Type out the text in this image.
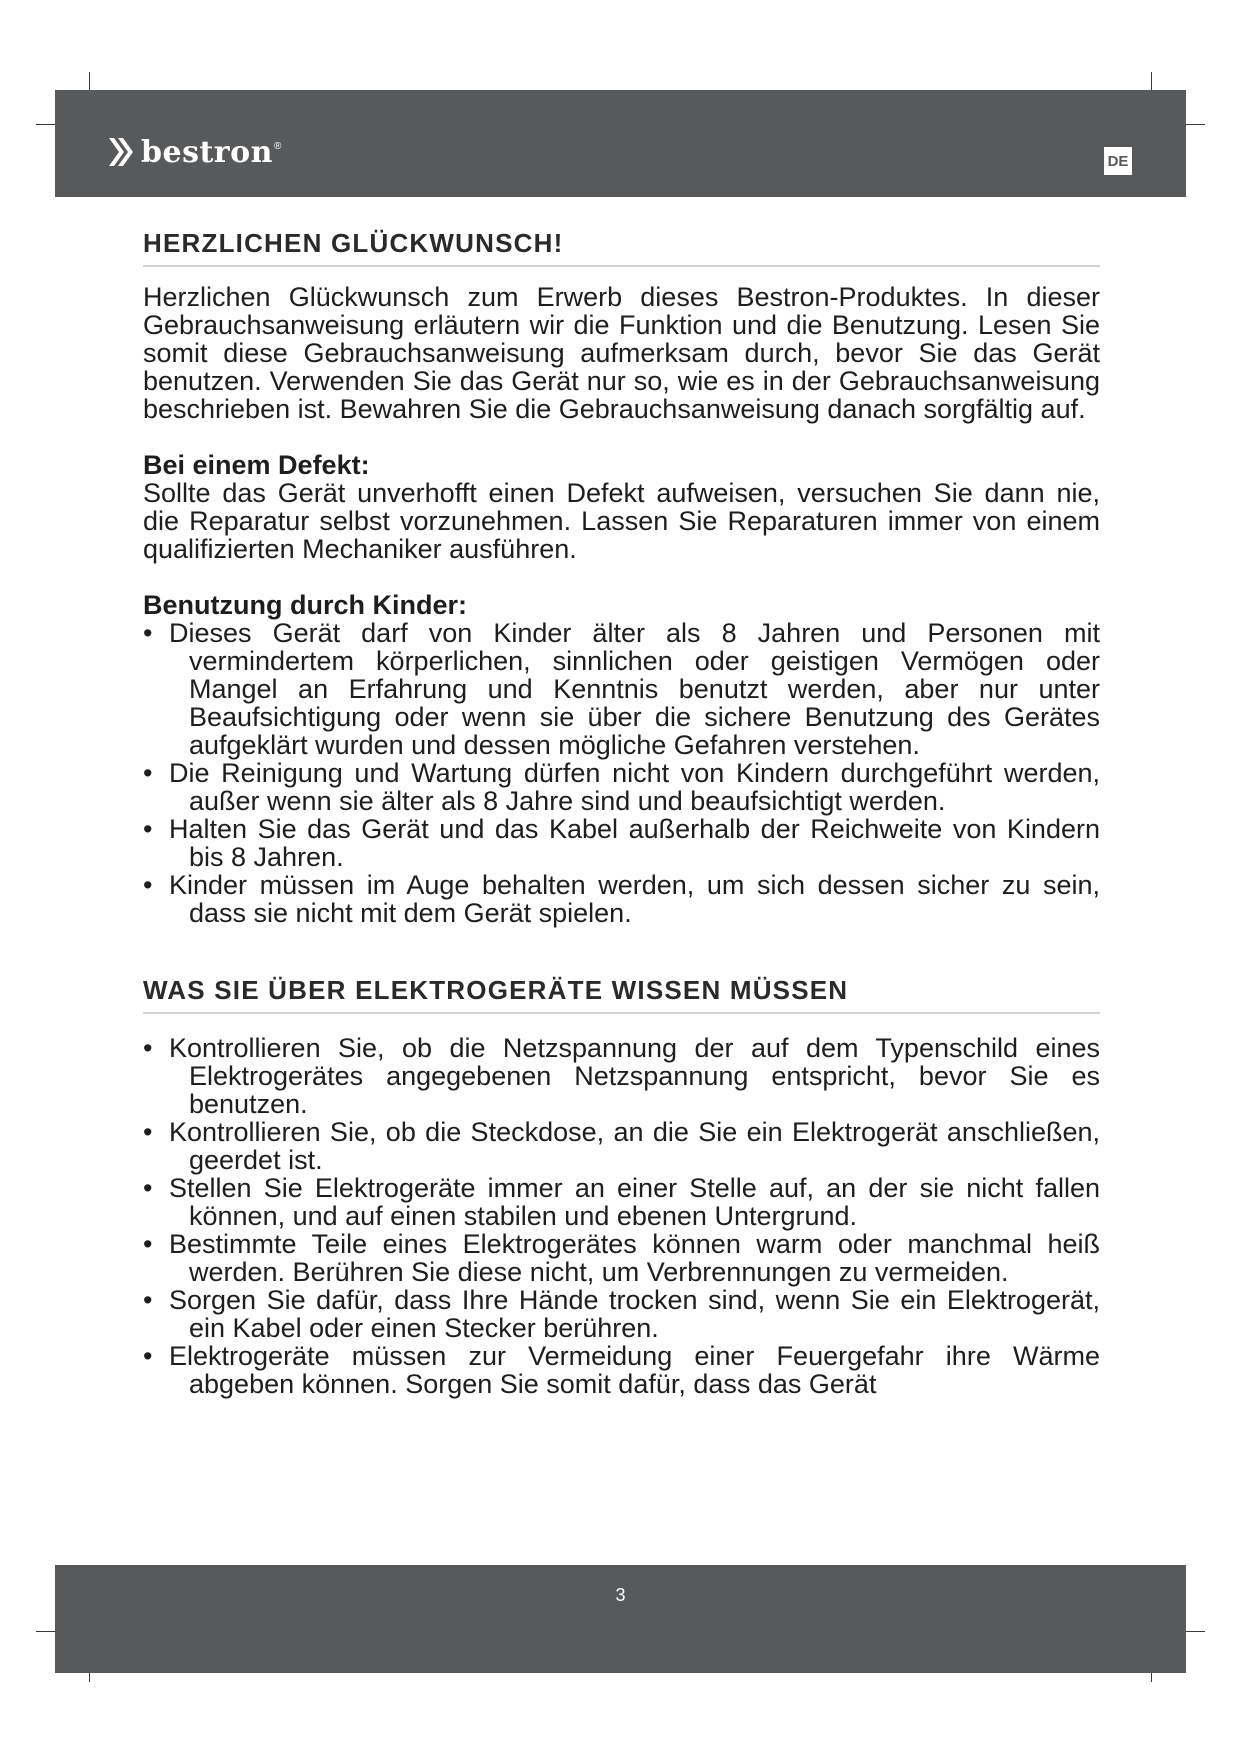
bestron ®
DE
HERZLICHEN GLÜCKWUNSCH!

Herzlichen Glückwunsch zum Erwerb dieses Bestron-Produktes. In dieser Gebrauchsanweisung erläutern wir die Funktion und die Benutzung. Lesen Sie somit diese Gebrauchsanweisung aufmerksam durch, bevor Sie das Gerät benutzen. Verwenden Sie das Gerät nur so, wie es in der Gebrauchsanweisung beschrieben ist. Bewahren Sie die Gebrauchsanweisung danach sorgfältig auf.

Bei einem Defekt:

Sollte das Gerät unverhofft einen Defekt aufweisen, versuchen Sie dann nie, die Reparatur selbst vorzunehmen. Lassen Sie Reparaturen immer von einem qualifizierten Mechaniker ausführen.

Benutzung durch Kinder:
• Dieses Gerät darf von Kinder älter als 8 Jahren und Personen mit vermindertem körperlichen, sinnlichen oder geistigen Vermögen oder Mangel an Erfahrung und Kenntnis benutzt werden, aber nur unter Beaufsichtigung oder wenn sie über die sichere Benutzung des Gerätes aufgeklärt wurden und dessen mögliche Gefahren verstehen.
• Die Reinigung und Wartung dürfen nicht von Kindern durchgeführt werden, außer wenn sie älter als 8 Jahre sind und beaufsichtigt werden.
• Halten Sie das Gerät und das Kabel außerhalb der Reichweite von Kindern bis 8 Jahren.
• Kinder müssen im Auge behalten werden, um sich dessen sicher zu sein, dass sie nicht mit dem Gerät spielen.
WAS SIE ÜBER ELEKTROGERÄTE WISSEN MÜSSEN
• Kontrollieren Sie, ob die Netzspannung der auf dem Typenschild eines Elektrogerätes angegebenen Netzspannung entspricht, bevor Sie es benutzen.
• Kontrollieren Sie, ob die Steckdose, an die Sie ein Elektrogerät anschließen, geerdet ist.
• Stellen Sie Elektrogeräte immer an einer Stelle auf, an der sie nicht fallen können, und auf einen stabilen und ebenen Untergrund.
• Bestimmte Teile eines Elektrogerätes können warm oder manchmal heiß werden. Berühren Sie diese nicht, um Verbrennungen zu vermeiden.
• Sorgen Sie dafür, dass Ihre Hände trocken sind, wenn Sie ein Elektrogerät, ein Kabel oder einen Stecker berühren.
• Elektrogeräte müssen zur Vermeidung einer Feuergefahr ihre Wärme abgeben können. Sorgen Sie somit dafür, dass das Gerät
3
